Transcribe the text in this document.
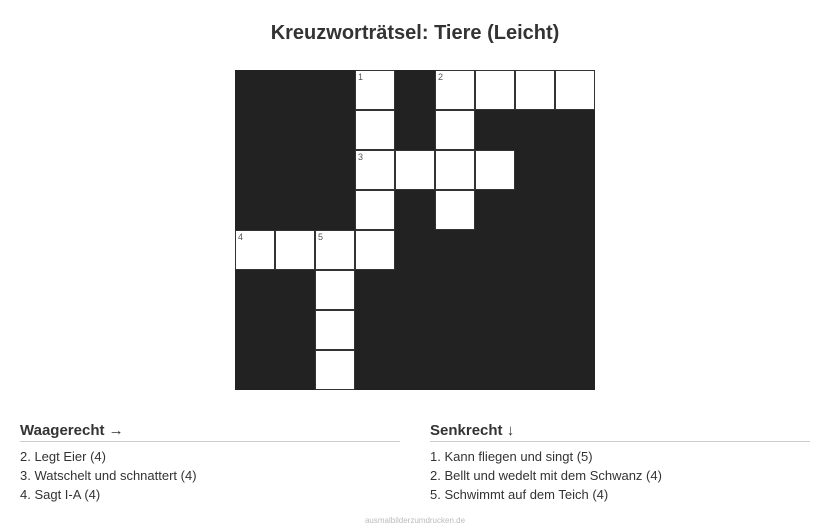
Kreuzworträtsel: Tiere (Leicht)
1	2
3
4	5
Waagerecht →
2. Legt Eier (4)
3. Watschelt und schnattert (4)
4. Sagt I-A (4)
Senkrecht ↓
1. Kann fliegen und singt (5)
2. Bellt und wedelt mit dem Schwanz (4)
5. Schwimmt auf dem Teich (4)
ausmalbilderzumdrucken.de
